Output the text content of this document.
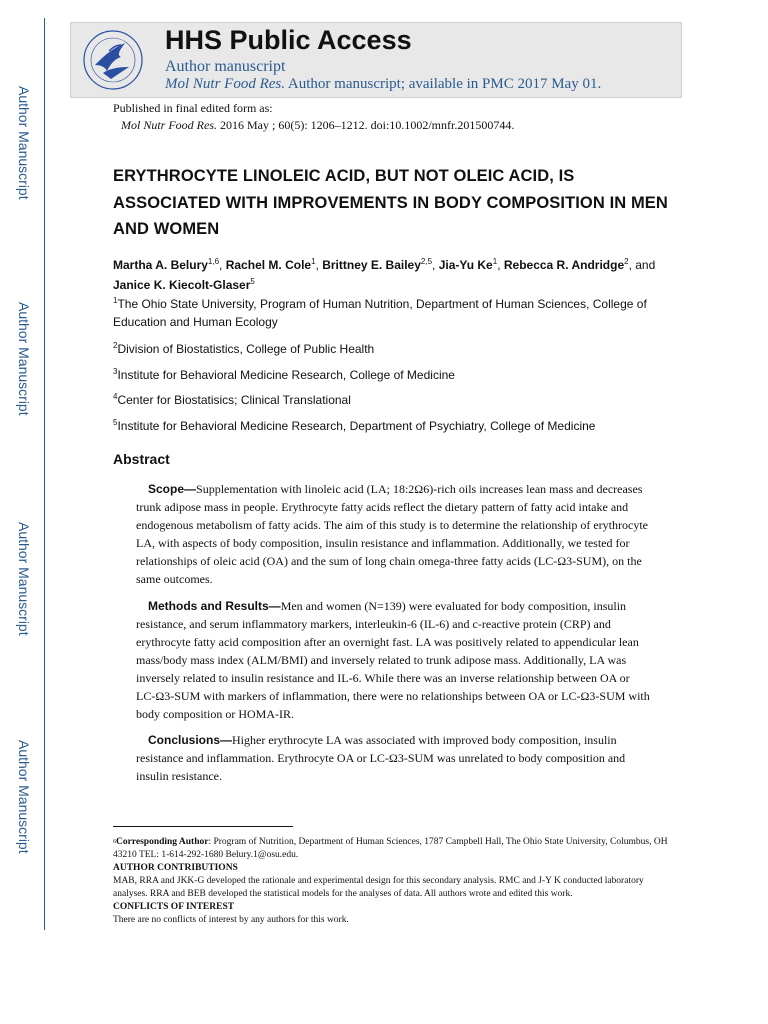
Author Manuscript
Author Manuscript
Author Manuscript
Author Manuscript
HHS Public Access
Author manuscript
Mol Nutr Food Res. Author manuscript; available in PMC 2017 May 01.
Published in final edited form as:
Mol Nutr Food Res. 2016 May ; 60(5): 1206–1212. doi:10.1002/mnfr.201500744.
ERYTHROCYTE LINOLEIC ACID, BUT NOT OLEIC ACID, IS ASSOCIATED WITH IMPROVEMENTS IN BODY COMPOSITION IN MEN AND WOMEN
Martha A. Belury$^{1,6}$, Rachel M. Cole$^1$, Brittney E. Bailey$^{2,5}$, Jia-Yu Ke$^1$, Rebecca R. Andridge$^2$, and Janice K. Kiecolt-Glaser$^5$
$^1$The Ohio State University, Program of Human Nutrition, Department of Human Sciences, College of Education and Human Ecology
$^2$Division of Biostatistics, College of Public Health
$^3$Institute for Behavioral Medicine Research, College of Medicine
$^4$Center for Biostatisics; Clinical Translational
$^5$Institute for Behavioral Medicine Research, Department of Psychiatry, College of Medicine
Abstract
Scope—Supplementation with linoleic acid (LA; 18:2Ω6)-rich oils increases lean mass and decreases trunk adipose mass in people. Erythrocyte fatty acids reflect the dietary pattern of fatty acid intake and endogenous metabolism of fatty acids. The aim of this study is to determine the relationship of erythrocyte LA, with aspects of body composition, insulin resistance and inflammation. Additionally, we tested for relationships of oleic acid (OA) and the sum of long chain omega-three fatty acids (LC-Ω3-SUM), on the same outcomes.
Methods and Results—Men and women (N=139) were evaluated for body composition, insulin resistance, and serum inflammatory markers, interleukin-6 (IL-6) and c-reactive protein (CRP) and erythrocyte fatty acid composition after an overnight fast. LA was positively related to appendicular lean mass/body mass index (ALM/BMI) and inversely related to trunk adipose mass. Additionally, LA was inversely related to insulin resistance and IL-6. While there was an inverse relationship between OA or LC-Ω3-SUM with markers of inflammation, there were no relationships between OA or LC-Ω3-SUM with body composition or HOMA-IR.
Conclusions—Higher erythrocyte LA was associated with improved body composition, insulin resistance and inflammation. Erythrocyte OA or LC-Ω3-SUM was unrelated to body composition and insulin resistance.
$^6$Corresponding Author: Program of Nutrition, Department of Human Sciences, 1787 Campbell Hall, The Ohio State University, Columbus, OH 43210 TEL: 1-614-292-1680 Belury.1@osu.edu.
AUTHOR CONTRIBUTIONS
MAB, RRA and JKK-G developed the rationale and experimental design for this secondary analysis. RMC and J-Y K conducted laboratory analyses. RRA and BEB developed the statistical models for the analyses of data. All authors wrote and edited this work.
CONFLICTS OF INTEREST
There are no conflicts of interest by any authors for this work.
